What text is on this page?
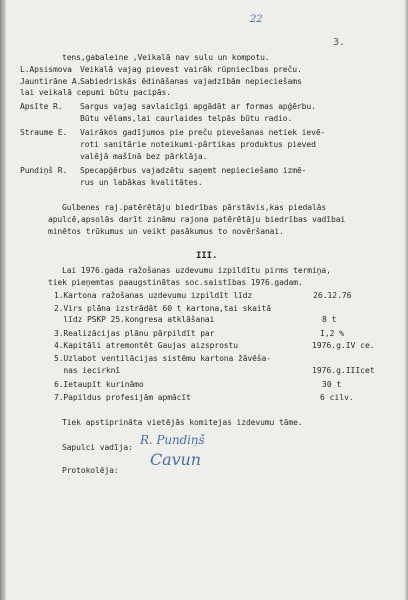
22
3.
tens,gabaleine ,Veikalā nav sulu un kompotu.
L.Apsismova Veikalā vajag pievest vairāk rūpniecības preču.
Jauntirāne A.
Sabiedriskās ēdināšanas vajadzībām nepieciešams
lai veikalā cepumi būtu pacipās.
Apsīte R. Sargus vajag savlaicīgi apgādāt ar formas apģērbu.
Būtu vēlams,lai caurlaides telpās būtu radio.
Straume E. Vairākos gadījumos pie preču pievešanas netiek ievē-
roti sanitārie noteikumi-pārtikas produktus pieved
valējā mašīnā bez pārklāja.
Pundiņš R. Specapģērbus vajadzētu saņemt nepieciešamo izmē-
rus un labākas kvalitātes.
Gulbenes raj.patērētāju biedrības pārstāvis,kas piedalās
apulcē,apsolās darīt zināmu rajona patērētāju biedrības vadībai
minētos trūkumus un veikt pasākumus to novēršanai.
III.
Lai 1976.gada ražošanas uzdevumu izpildītu pirms termiņa,
tiek pieņemtas paaugstinātas soc.saistības 1976.gadam.
1.Kartona ražošanas uzdevumu izpildīt līdz	26.12.76
2.Virs plāna izstrādāt 60 t kartona,tai skaitā
līdz PSKP 25.kongresa atklāšanai	8 t
3.Realizācijas plānu pārpildīt par	I,2 %
4.Kapitāli atremontēt Gaujas aizsprostu	1976.g.IV ce.
5.Uzlabot ventilācijas sistēmu kartona žāvēša-
nas iecirknī	1976.g.IIIcet
6.Ietaupīt kurināmo	30 t
7.Papildus profesijām apmācīt	6 cilv.
Tiek apstiprināta vietējās komitejas izdevumu tāme.
Sapulci vadīja:
R. Pundiņš
Protokolēja:
Cavun
